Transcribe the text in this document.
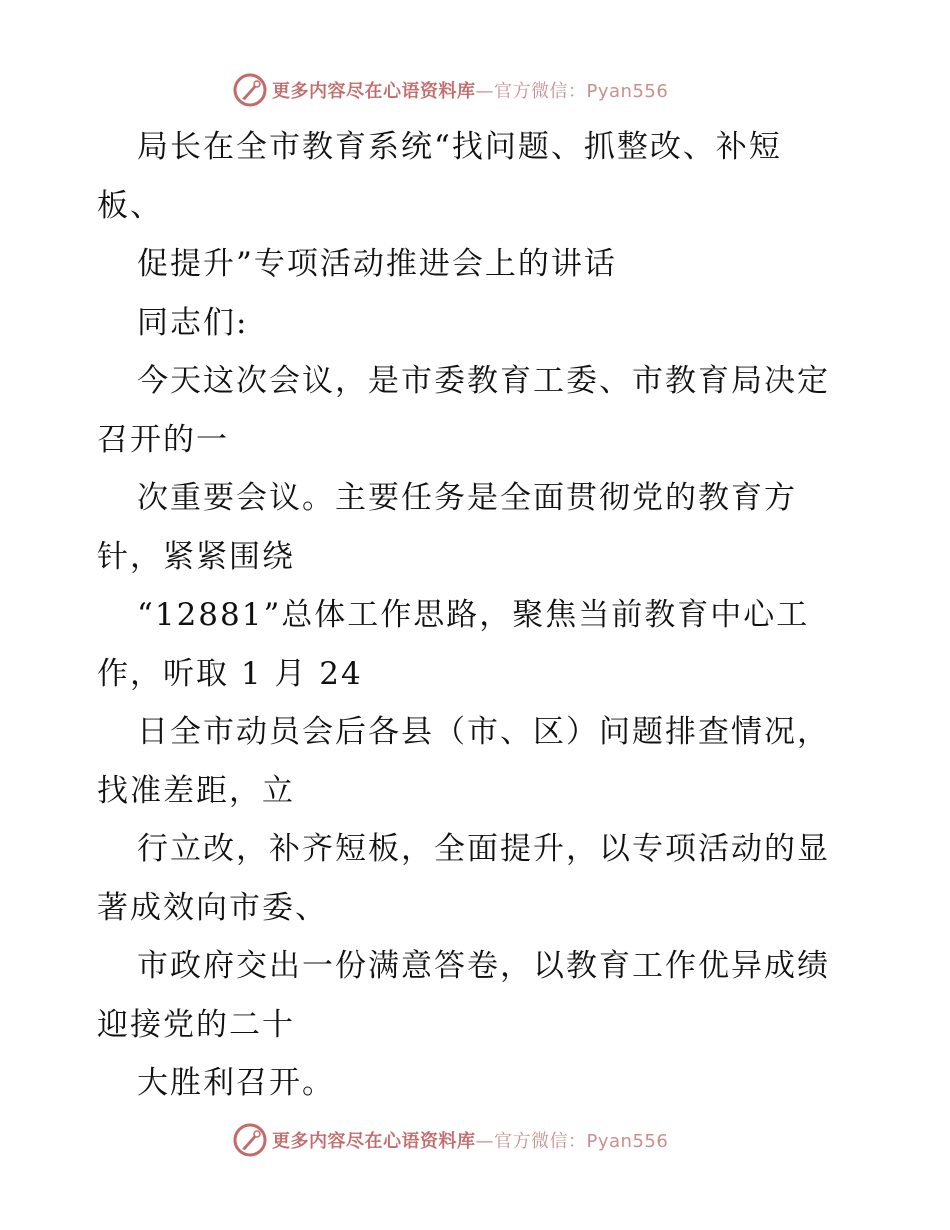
更多内容尽在心语资料库—官方微信：Pyan556
局长在全市教育系统“找问题、抓整改、补短
板、
促提升”专项活动推进会上的讲话
同志们:
今天这次会议，是市委教育工委、市教育局决定
召开的一
次重要会议。主要任务是全面贯彻党的教育方
针，紧紧围绕
“12881”总体工作思路，聚焦当前教育中心工
作，听取 1 月 24
日全市动员会后各县（市、区）问题排查情况，
找准差距，立
行立改，补齐短板，全面提升，以专项活动的显
著成效向市委、
市政府交出一份满意答卷，以教育工作优异成绩
迎接党的二十
大胜利召开。
更多内容尽在心语资料库—官方微信：Pyan556
